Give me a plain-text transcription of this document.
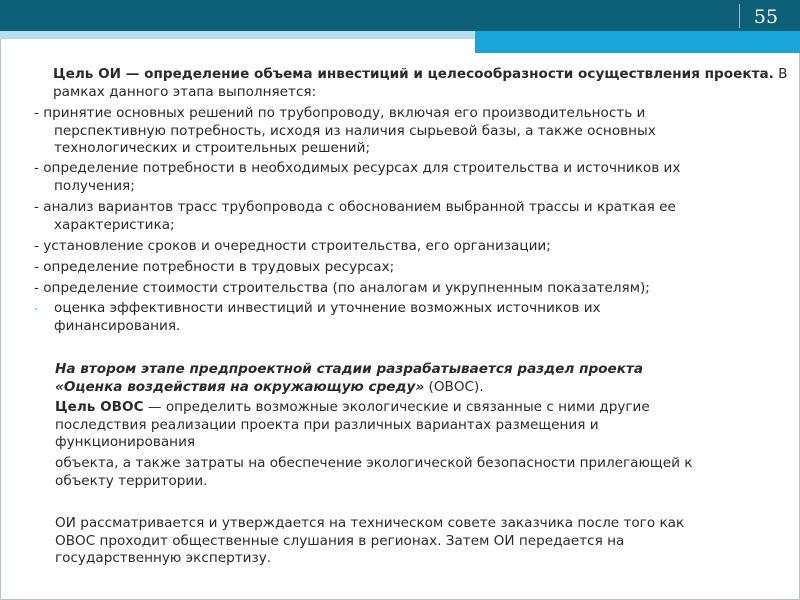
55

Цель ОИ — определение объема инвестиций и целесообразности осуществления проекта. В рамках данного этапа выполняется:

- принятие основных решений по трубопроводу, включая его производительность и
перспективную потребность, исходя из наличия сырьевой базы, а также основных
технологических и строительных решений;
- определение потребности в необходимых ресурсах для строительства и источников их
получения;
- анализ вариантов трасс трубопровода с обоснованием выбранной трассы и краткая ее
характеристика;
- установление сроков и очередности строительства, его организации;
- определение потребности в трудовых ресурсах;
- определение стоимости строительства (по аналогам и укрупненным показателям);
- оценка эффективности инвестиций и уточнение возможных источников их
финансирования.
На втором этапе предпроектной стадии разрабатывается раздел проекта
«Оценка воздействия на окружающую среду» (ОВОС).
Цель ОВОС — определить возможные экологические и связанные с ними другие
последствия реализации проекта при различных вариантах размещения и
функционирования
объекта, а также затраты на обеспечение экологической безопасности прилегающей к
объекту территории.
ОИ рассматривается и утверждается на техническом совете заказчика после того как
ОВОС проходит общественные слушания в регионах. Затем ОИ передается на
государственную экспертизу.
